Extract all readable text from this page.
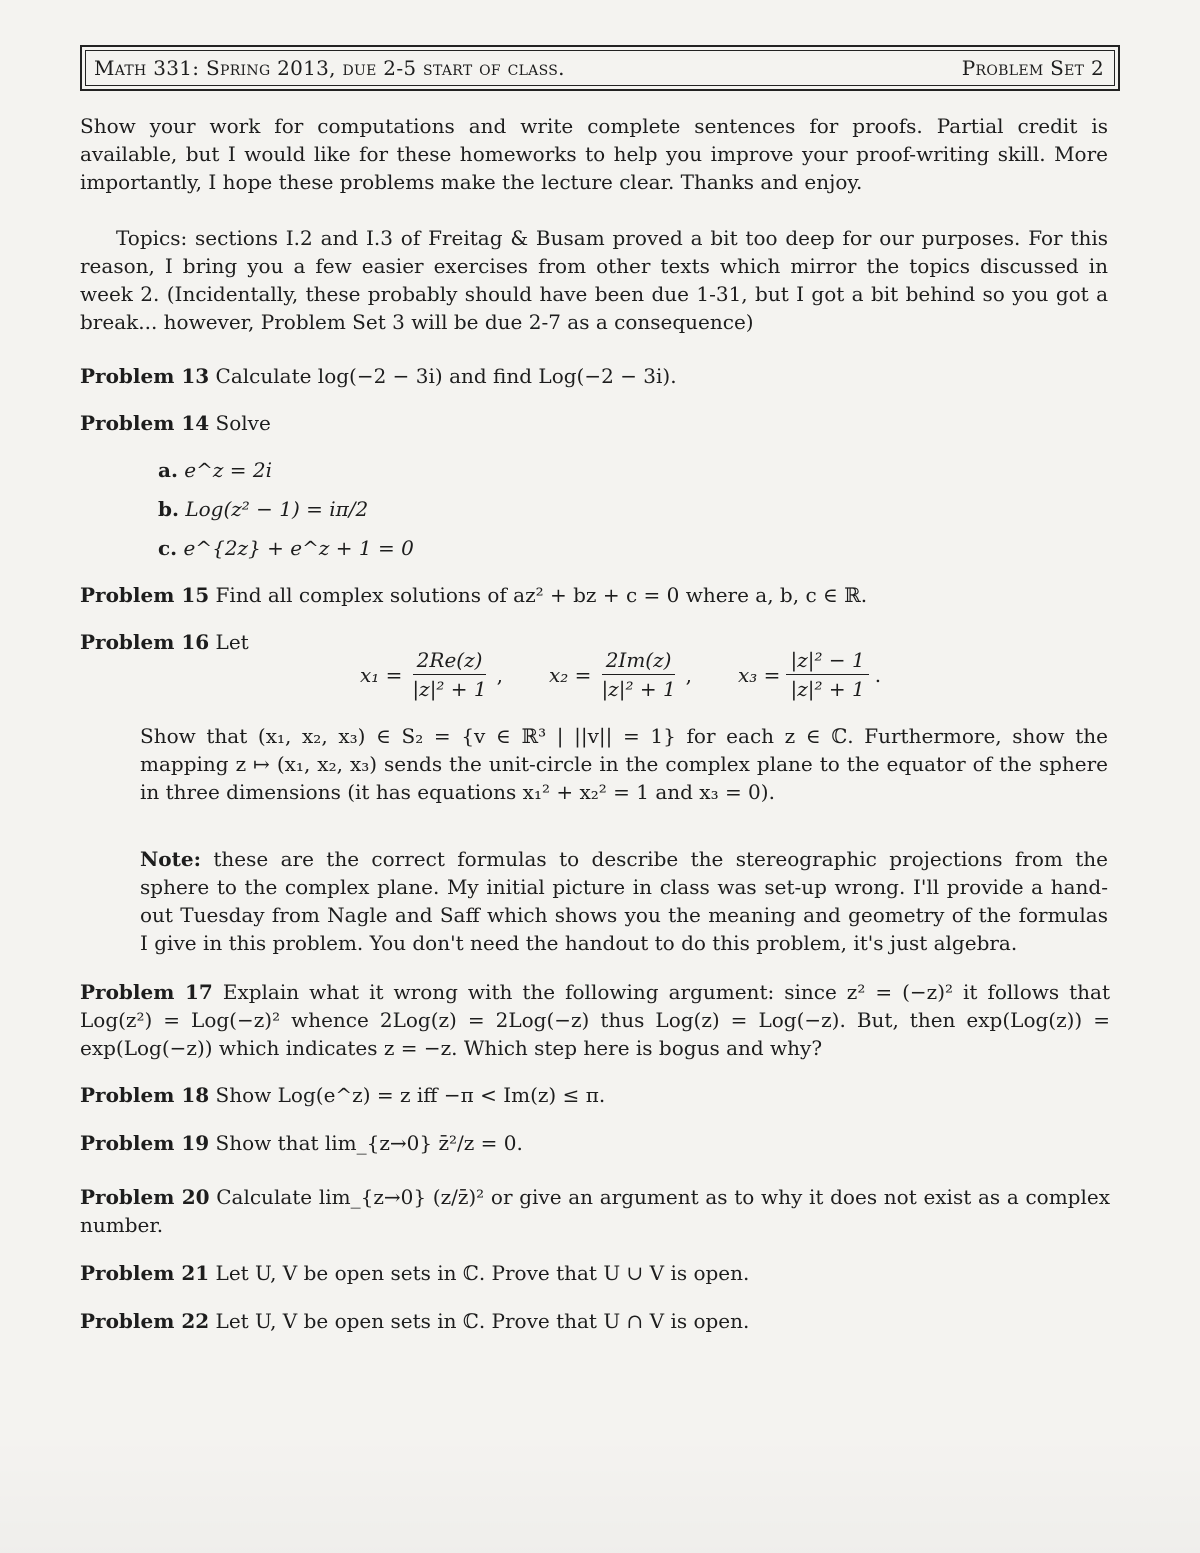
Math 331: Spring 2013, due 2-5 start of class.	Problem Set 2
Show your work for computations and write complete sentences for proofs. Partial credit is available, but I would like for these homeworks to help you improve your proof-writing skill. More importantly, I hope these problems make the lecture clear. Thanks and enjoy.
Topics: sections I.2 and I.3 of Freitag & Busam proved a bit too deep for our purposes. For this reason, I bring you a few easier exercises from other texts which mirror the topics discussed in week 2. (Incidentally, these probably should have been due 1-31, but I got a bit behind so you got a break... however, Problem Set 3 will be due 2-7 as a consequence)
Problem 13 Calculate log(−2 − 3i) and find Log(−2 − 3i).
Problem 14 Solve
a. e^z = 2i
b. Log(z² − 1) = iπ/2
c. e^{2z} + e^z + 1 = 0
Problem 15 Find all complex solutions of az² + bz + c = 0 where a, b, c ∈ ℝ.
Problem 16 Let
$x_1 = \frac{2Re(z)}{\text{|z|² + 1}}$ , $x_2 = \frac{2Im(z)}{\text{|z|² + 1}}$ , $x_3 = \frac{\text{|z|² − 1}}{\text{|z|² + 1}}$ .
Show that (x₁, x₂, x₃) ∈ S₂ = {v ∈ ℝ³ | ||v|| = 1} for each z ∈ ℂ. Furthermore, show the mapping z ↦ (x₁, x₂, x₃) sends the unit-circle in the complex plane to the equator of the sphere in three dimensions (it has equations x₁² + x₂² = 1 and x₃ = 0).
Note: these are the correct formulas to describe the stereographic projections from the sphere to the complex plane. My initial picture in class was set-up wrong. I'll provide a hand-out Tuesday from Nagle and Saff which shows you the meaning and geometry of the formulas I give in this problem. You don't need the handout to do this problem, it's just algebra.
Problem 17 Explain what it wrong with the following argument: since z² = (−z)² it follows that Log(z²) = Log(−z)² whence 2Log(z) = 2Log(−z) thus Log(z) = Log(−z). But, then exp(Log(z)) = exp(Log(−z)) which indicates z = −z. Which step here is bogus and why?
Problem 18 Show Log(e^z) = z iff −π < Im(z) ≤ π.
Problem 19 Show that lim_{z→0} z̄²/z = 0.
Problem 20 Calculate lim_{z→0} (z/z̄)² or give an argument as to why it does not exist as a complex number.
Problem 21 Let U, V be open sets in ℂ. Prove that U ∪ V is open.
Problem 22 Let U, V be open sets in ℂ. Prove that U ∩ V is open.
